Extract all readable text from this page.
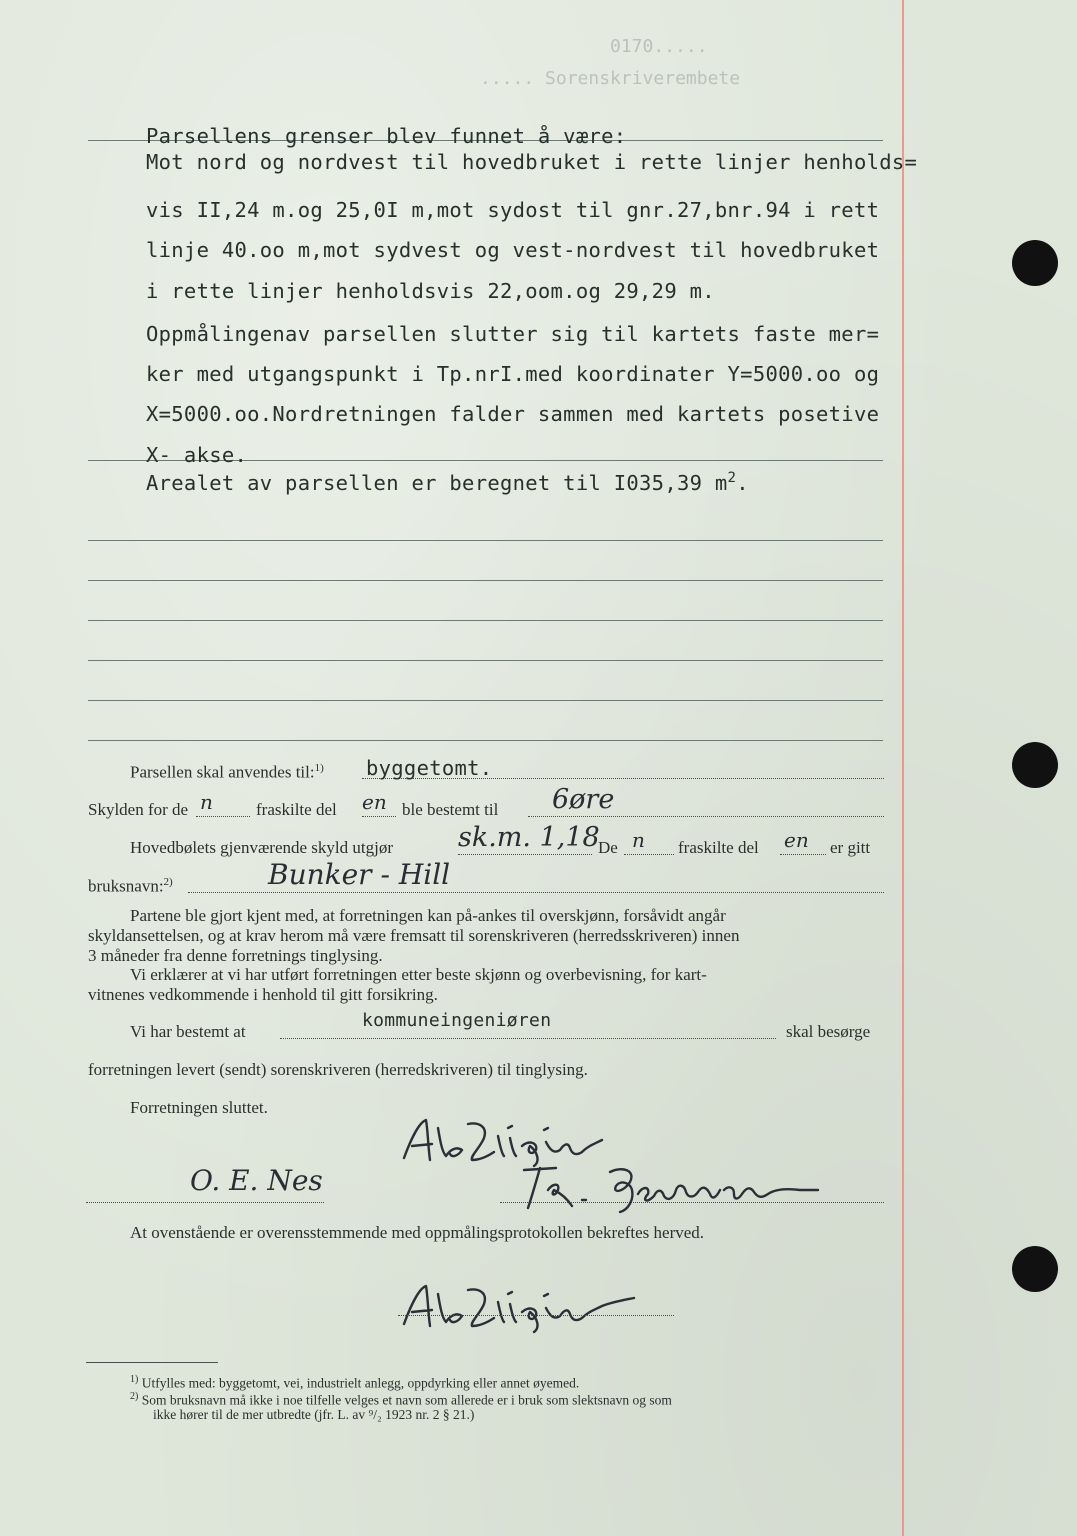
0170.....
..... Sorenskriverembete
Parsellens grenser blev funnet å være:
Mot nord og nordvest til hovedbruket i rette linjer henholds=
vis II,24 m.og 25,0I m,mot sydost til gnr.27,bnr.94 i rett
linje 40.oo m,mot sydvest og vest-nordvest til hovedbruket
i rette linjer henholdsvis 22,oom.og 29,29 m.
Oppmålingenav parsellen slutter sig til kartets faste mer=
ker med utgangspunkt i Tp.nrI.med koordinater Y=5000.oo og
X=5000.oo.Nordretningen falder sammen med kartets posetive
X- akse.
Arealet av parsellen er beregnet til I035,39 $m^2$.
Parsellen skal anvendes til:$^{1)}$ byggetomt.
Skylden for de n	fraskilte del en ble bestemt til 6øre
Hovedbølets gjenværende skyld utgjør sk.m. 1,18
De n fraskilte del en er gitt
bruksnavn:$^{2)}$	Bunker - Hill
Partene ble gjort kjent med, at forretningen kan på-ankes til overskjønn, forsåvidt angår
skyldansettelsen, og at krav herom må være fremsatt til sorenskriveren (herredsskriveren) innen
3 måneder fra denne forretnings tinglysing.
Vi erklærer at vi har utført forretningen etter beste skjønn og overbevisning, for kart-
vitnenes vedkommende i henhold til gitt forsikring.
Vi har bestemt at
kommuneingeniøren
skal besørge
forretningen levert (sendt) sorenskriveren (herredskriveren) til tinglysing.
Forretningen sluttet.
O. E. Nes
At ovenstående er overensstemmende med oppmålingsprotokollen bekreftes herved.
$^{1)}$ Utfylles med: byggetomt, vei, industrielt anlegg, oppdyrking eller annet øyemed.
$^{2)}$ Som bruksnavn må ikke i noe tilfelle velges et navn som allerede er i bruk som slektsnavn og som
ikke hører til de mer utbredte (jfr. L. av ⁹/₂ 1923 nr. 2 § 21.)
